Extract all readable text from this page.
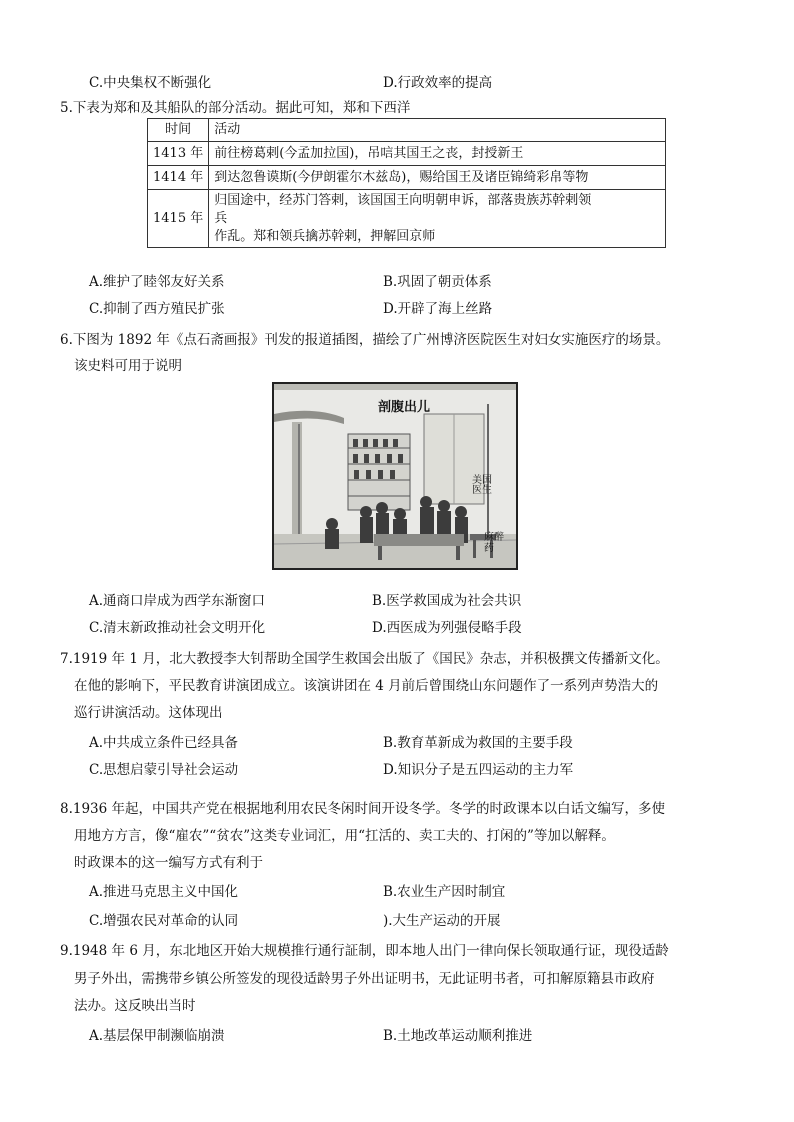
C.中央集权不断强化	D.行政效率的提高
5.下表为郑和及其船队的部分活动。据此可知，郑和下西洋
时间	活动
1413 年	前往榜葛剌(今孟加拉国)，吊唁其国王之丧，封授新王
1414 年	到达忽鲁谟斯(今伊朗霍尔木兹岛)，赐给国王及诸臣锦绮彩帛等物
1415 年	归国途中，经苏门答剌，该国国王向明朝申诉，部落贵族苏幹剌领
兵
作乱。郑和领兵擒苏幹剌，押解回京师
A.维护了睦邻友好关系	B.巩固了朝贡体系
C.抑制了西方殖民扩张	D.开辟了海上丝路
6.下图为 1892 年《点石斋画报》刊发的报道插图，描绘了广州博济医院医生对妇女实施医疗的场景。
该史料可用于说明
剖腹出儿
美国医生
麻醉药
A.通商口岸成为西学东渐窗口	B.医学救国成为社会共识
C.清末新政推动社会文明开化	D.西医成为列强侵略手段
7.1919 年 1 月，北大教授李大钊帮助全国学生救国会出版了《国民》杂志，并积极撰文传播新文化。
在他的影响下，平民教育讲演团成立。该演讲团在 4 月前后曾围绕山东问题作了一系列声势浩大的
巡行讲演活动。这体现出
A.中共成立条件已经具备	B.教育革新成为救国的主要手段
C.思想启蒙引导社会运动	D.知识分子是五四运动的主力军
8.1936 年起，中国共产党在根据地利用农民冬闲时间开设冬学。冬学的时政课本以白话文编写，多使
用地方方言，像“雇农”“贫农”这类专业词汇，用“扛活的、卖工夫的、打闲的”等加以解释。
时政课本的这一编写方式有利于
A.推进马克思主义中国化	B.农业生产因时制宜
C.增强农民对革命的认同	).大生产运动的开展
9.1948 年 6 月，东北地区开始大规模推行通行証制，即本地人出门一律向保长领取通行证，现役适龄
男子外出，需携带乡镇公所签发的现役适龄男子外出证明书，无此证明书者，可扣解原籍县市政府
法办。这反映出当时
A.基层保甲制濒临崩溃	B.土地改革运动顺利推进
